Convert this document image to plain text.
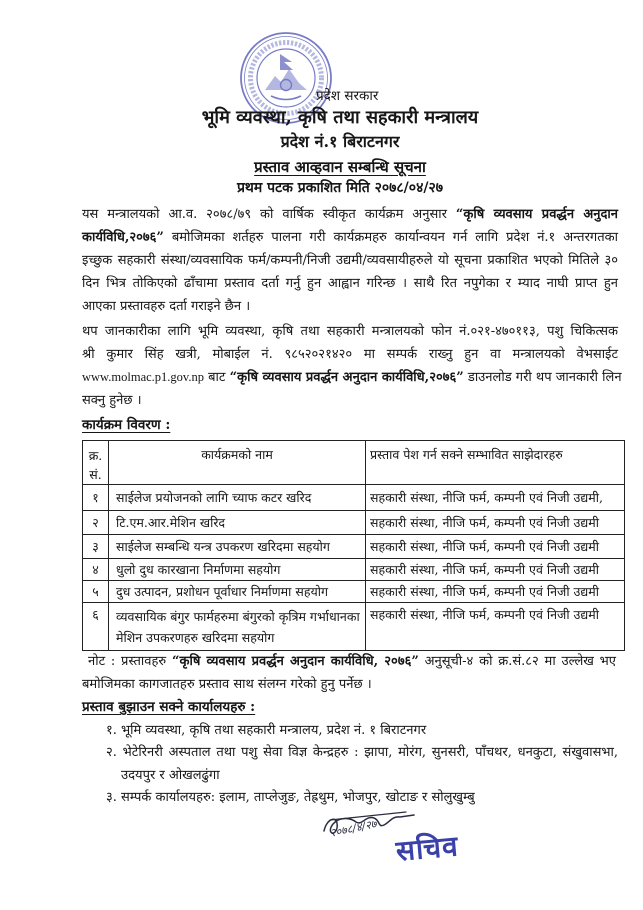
प्रदेश सरकार
भूमि व्यवस्था, कृषि तथा सहकारी मन्त्रालय
प्रदेश नं.१ बिराटनगर
प्रस्ताव आव्हवान सम्बन्धि सूचना
प्रथम पटक प्रकाशित मिति २०७८/०४/२७
यस मन्त्रालयको आ.व. २०७८/७९ को वार्षिक स्वीकृत कार्यक्रम अनुसार “कृषि व्यवसाय प्रवर्द्धन अनुदान
कार्यविधि,२०७६” बमोजिमका शर्तहरु पालना गरी कार्यक्रमहरु कार्यान्वयन गर्न लागि प्रदेश नं.१ अन्तरगतका
इच्छुक सहकारी संस्था/व्यवसायिक फर्म/कम्पनी/निजी उद्यमी/व्यवसायीहरुले यो सूचना प्रकाशित भएको मितिले ३०
दिन भित्र तोकिएको ढाँचामा प्रस्ताव दर्ता गर्नु हुन आह्वान गरिन्छ । साथै रित नपुगेका र म्याद नाघी प्राप्त हुन
आएका प्रस्तावहरु दर्ता गराइने छैन ।
थप जानकारीका लागि भूमि व्यवस्था, कृषि तथा सहकारी मन्त्रालयको फोन नं.०२१-४७०११३, पशु चिकित्सक
श्री कुमार सिंह खत्री, मोबाईल नं. ९८५२०२१४२० मा सम्पर्क राख्नु हुन वा मन्त्रालयको वेभसाईट
www.molmac.p1.gov.np बाट “कृषि व्यवसाय प्रवर्द्धन अनुदान कार्यविधि,२०७६” डाउनलोड गरी थप जानकारी लिन
सक्नु हुनेछ ।
कार्यक्रम विवरण :
क्र. सं.	कार्यक्रमको नाम	प्रस्ताव पेश गर्न सक्ने सम्भावित साझेदारहरु
१	साईलेज प्रयोजनको लागि च्याफ कटर खरिद	सहकारी संस्था, नीजि फर्म, कम्पनी एवं निजी उद्यमी,
२	टि.एम.आर.मेशिन खरिद	सहकारी संस्था, नीजि फर्म, कम्पनी एवं निजी उद्यमी
३	साईलेज सम्बन्धि यन्त्र उपकरण खरिदमा सहयोग	सहकारी संस्था, नीजि फर्म, कम्पनी एवं निजी उद्यमी
४	धुलो दुध कारखाना निर्माणमा सहयोग	सहकारी संस्था, नीजि फर्म, कम्पनी एवं निजी उद्यमी
५	दुध उत्पादन, प्रशोधन पूर्वाधार निर्माणमा सहयोग	सहकारी संस्था, नीजि फर्म, कम्पनी एवं निजी उद्यमी
६	व्यवसायिक बंगुर फार्महरुमा बंगुरको कृत्रिम गर्भाधानका मेशिन उपकरणहरु खरिदमा सहयोग	सहकारी संस्था, नीजि फर्म, कम्पनी एवं निजी उद्यमी
नोट : प्रस्तावहरु “कृषि व्यवसाय प्रवर्द्धन अनुदान कार्यविधि, २०७६” अनुसूची-४ को क्र.सं.८२ मा उल्लेख भए
बमोजिमका कागजातहरु प्रस्ताव साथ संलग्न गरेको हुनु पर्नेछ ।
प्रस्ताव बुझाउन सक्ने कार्यालयहरु :
१. भूमि व्यवस्था, कृषि तथा सहकारी मन्त्रालय, प्रदेश नं. १ बिराटनगर
२. भेटेरिनरी अस्पताल तथा पशु सेवा विज्ञ केन्द्रहरु : झापा, मोरंग, सुनसरी, पाँचथर, धनकुटा, संखुवासभा,
उदयपुर र ओखलढुंगा
३. सम्पर्क कार्यालयहरु: इलाम, ताप्लेजुङ, तेह्रथुम, भोजपुर, खोटाङ र सोलुखुम्बु
२०७८/४/२७
सचिव
